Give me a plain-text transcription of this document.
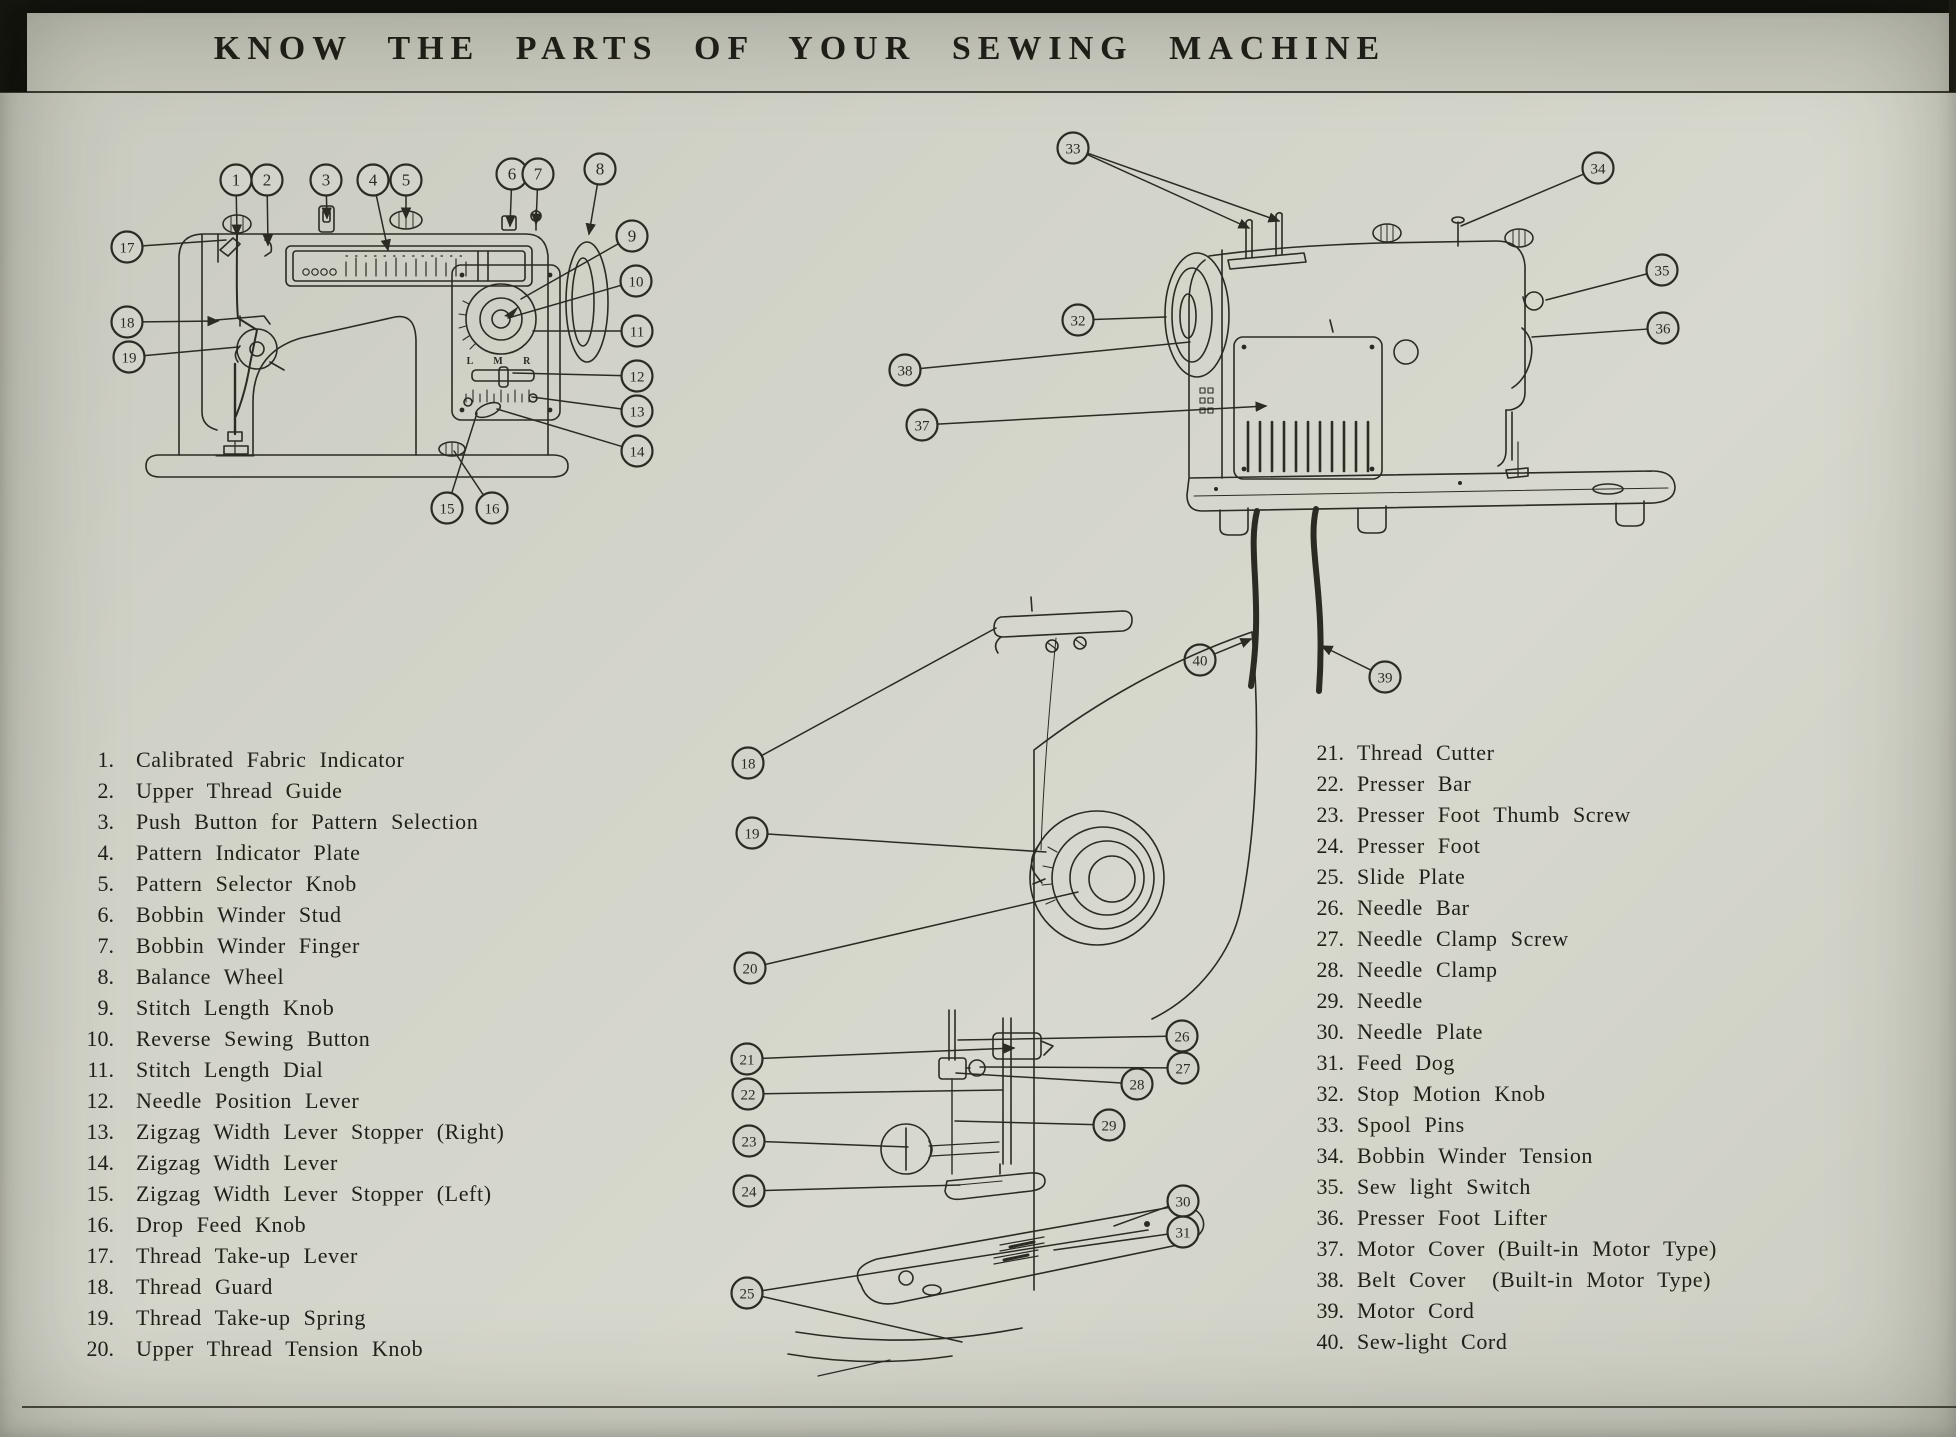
KNOW THE PARTS OF YOUR SEWING MACHINE
L M R
1 2	3 4 5	6 7	8
9
10
11
12
13
14
15 16
17
18
19
33
34
32
35
36
38
37
40
39
18
19
20
21
22
23
24
25
26
27
28
29
30
31
1. Calibrated Fabric Indicator
2. Upper Thread Guide
3. Push Button for Pattern Selection
4. Pattern Indicator Plate
5. Pattern Selector Knob
6. Bobbin Winder Stud
7. Bobbin Winder Finger
8. Balance Wheel
9. Stitch Length Knob
10. Reverse Sewing Button
11. Stitch Length Dial
12. Needle Position Lever
13. Zigzag Width Lever Stopper (Right)
14. Zigzag Width Lever
15. Zigzag Width Lever Stopper (Left)
16. Drop Feed Knob
17. Thread Take-up Lever
18. Thread Guard
19. Thread Take-up Spring
20. Upper Thread Tension Knob
21. Thread Cutter
22. Presser Bar
23. Presser Foot Thumb Screw
24. Presser Foot
25. Slide Plate
26. Needle Bar
27. Needle Clamp Screw
28. Needle Clamp
29. Needle
30. Needle Plate
31. Feed Dog
32. Stop Motion Knob
33. Spool Pins
34. Bobbin Winder Tension
35. Sew light Switch
36. Presser Foot Lifter
37. Motor Cover (Built-in Motor Type)
38. Belt Cover  (Built-in Motor Type)
39. Motor Cord
40. Sew-light Cord
